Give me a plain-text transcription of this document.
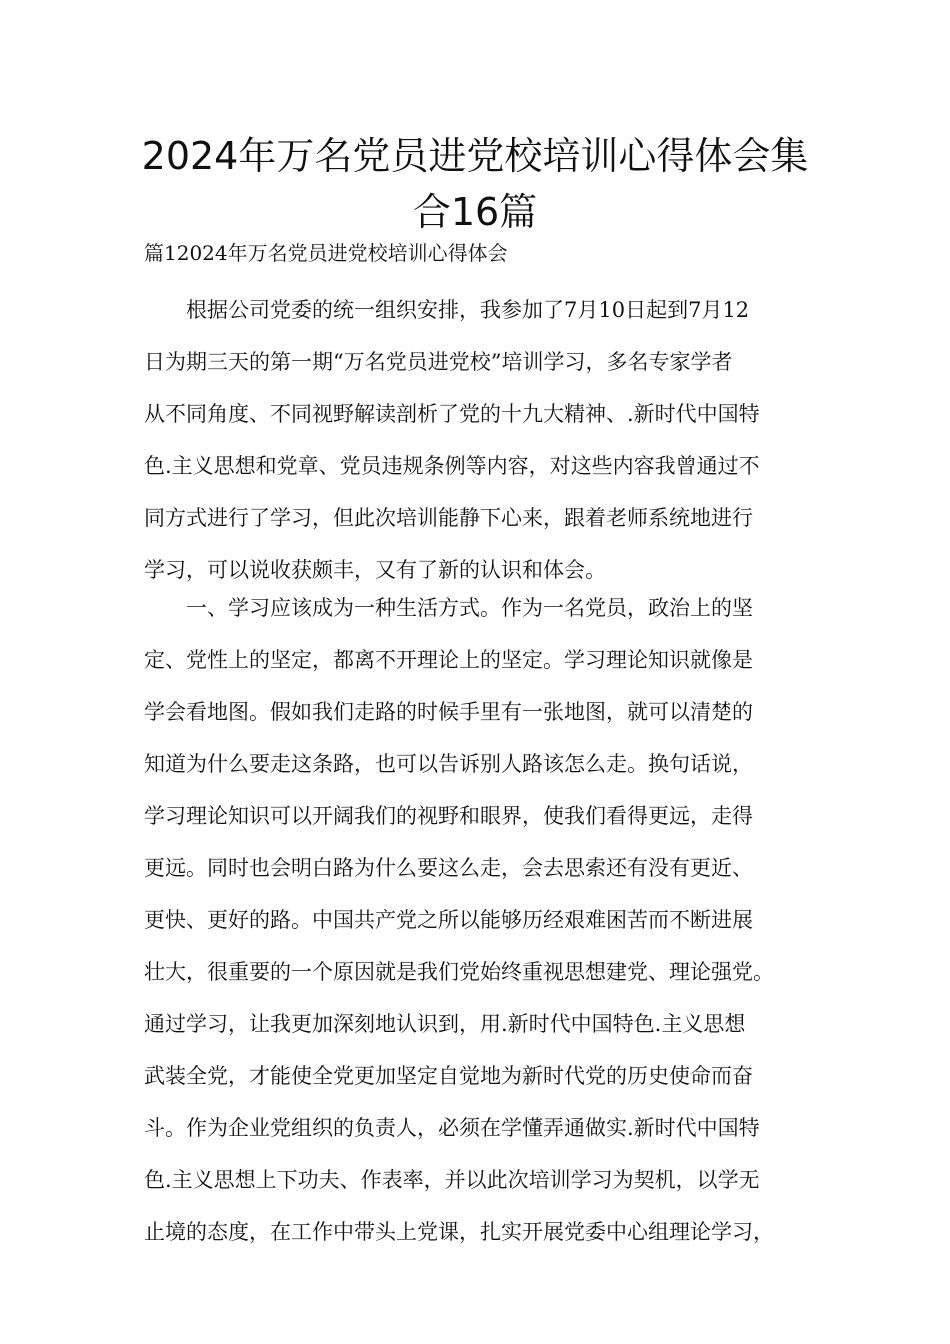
2024年万名党员进党校培训心得体会集
合16篇

篇12024年万名党员进党校培训心得体会

　　根据公司党委的统一组织安排，我参加了7月10日起到7月12
日为期三天的第一期“万名党员进党校”培训学习，多名专家学者
从不同角度、不同视野解读剖析了党的十九大精神、.新时代中国特
色.主义思想和党章、党员违规条例等内容，对这些内容我曾通过不
同方式进行了学习，但此次培训能静下心来，跟着老师系统地进行
学习，可以说收获颇丰，又有了新的认识和体会。
　　一、学习应该成为一种生活方式。作为一名党员，政治上的坚
定、党性上的坚定，都离不开理论上的坚定。学习理论知识就像是
学会看地图。假如我们走路的时候手里有一张地图，就可以清楚的
知道为什么要走这条路，也可以告诉别人路该怎么走。换句话说，
学习理论知识可以开阔我们的视野和眼界，使我们看得更远，走得
更远。同时也会明白路为什么要这么走，会去思索还有没有更近、
更快、更好的路。中国共产党之所以能够历经艰难困苦而不断进展
壮大，很重要的一个原因就是我们党始终重视思想建党、理论强党。
通过学习，让我更加深刻地认识到，用.新时代中国特色.主义思想
武装全党，才能使全党更加坚定自觉地为新时代党的历史使命而奋
斗。作为企业党组织的负责人，必须在学懂弄通做实.新时代中国特
色.主义思想上下功夫、作表率，并以此次培训学习为契机，以学无
止境的态度，在工作中带头上党课，扎实开展党委中心组理论学习，
